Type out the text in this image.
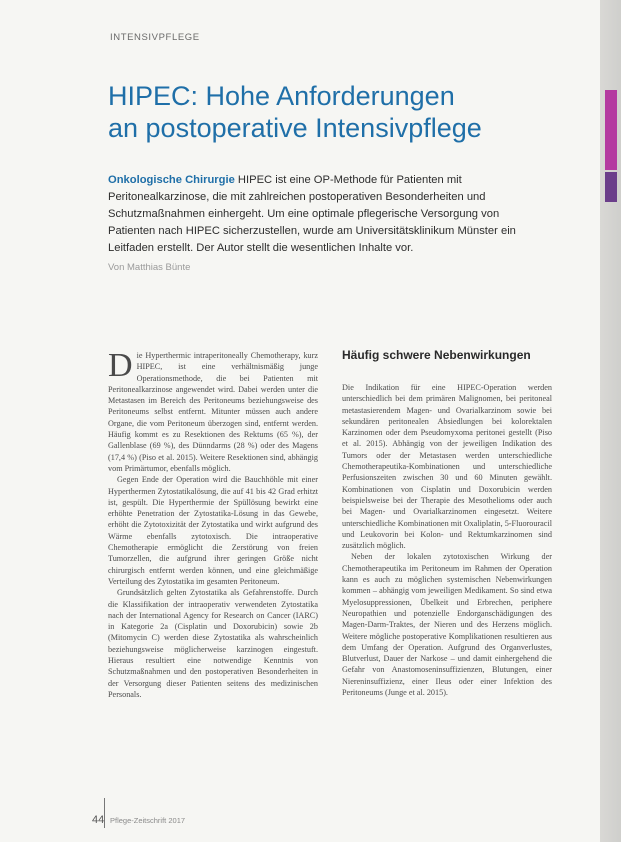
INTENSIVPFLEGE
HIPEC: Hohe Anforderungen
an postoperative Intensivpflege

Onkologische Chirurgie HIPEC ist eine OP-Methode für Patienten mit Peritonealkarzinose, die mit zahlreichen postoperativen Besonderheiten und Schutzmaßnahmen einhergeht. Um eine optimale pflegerische Versorgung von Patienten nach HIPEC sicherzustellen, wurde am Universitätsklinikum Münster ein Leitfaden erstellt. Der Autor stellt die wesentlichen Inhalte vor.

Von Matthias Bünte

Die Hyperthermic intraperitoneally Chemotherapy, kurz HIPEC, ist eine verhältnismäßig junge Operationsmethode, die bei Patienten mit Peritonealkarzinose angewendet wird. Dabei werden unter die Metastasen im Bereich des Peritoneums beziehungsweise des Peritoneums selbst entfernt. Mitunter müssen auch andere Organe, die vom Peritoneum überzogen sind, entfernt werden. Häufig kommt es zu Resektionen des Rektums (65 %), der Gallenblase (69 %), des Dünndarms (28 %) oder des Magens (17,4 %) (Piso et al. 2015). Weitere Resektionen sind, abhängig vom Primärtumor, ebenfalls möglich.

Gegen Ende der Operation wird die Bauchhöhle mit einer Hyperthermen Zytostatikalösung, die auf 41 bis 42 Grad erhitzt ist, gespült. Die Hyperthermie der Spüllösung bewirkt eine erhöhte Penetration der Zytostatika-Lösung in das Gewebe, erhöht die Zytotoxizität der Zytostatika und wirkt aufgrund des Wärme ebenfalls zytotoxisch. Die intraoperative Chemotherapie ermöglicht die Zerstörung von freien Tumorzellen, die aufgrund ihrer geringen Größe nicht chirurgisch entfernt werden können, und eine gleichmäßige Verteilung des Zytostatika im gesamten Peritoneum.

Grundsätzlich gelten Zytostatika als Gefahrenstoffe. Durch die Klassifikation der intraoperativ verwendeten Zytostatika nach der International Agency for Research on Cancer (IARC) in Kategorie 2a (Cisplatin und Doxorubicin) sowie 2b (Mitomycin C) werden diese Zytostatika als wahrscheinlich beziehungsweise möglicherweise karzinogen eingestuft. Hieraus resultiert eine notwendige Kenntnis von Schutzmaßnahmen und den postoperativen Besonderheiten in der Versorgung dieser Patienten seitens des medizinischen Personals.

Häufig schwere Nebenwirkungen

Die Indikation für eine HIPEC-Operation werden unterschiedlich bei dem primären Malignomen, bei peritoneal metastasierendem Magen- und Ovarialkarzinom sowie bei sekundären peritonealen Absiedlungen bei kolorektalen Karzinomen oder dem Pseudomyxoma peritonei gestellt (Piso et al. 2015). Abhängig von der jeweiligen Indikation des Tumors oder der Metastasen werden unterschiedliche Chemotherapeutika-Kombinationen und unterschiedliche Perfusionszeiten zwischen 30 und 60 Minuten gewählt. Kombinationen von Cisplatin und Doxorubicin werden beispielsweise bei der Therapie des Mesothelioms oder auch bei Magen- und Ovarialkarzinomen eingesetzt. Weitere unterschiedliche Kombinationen mit Oxaliplatin, 5-Fluorouracil und Leukovorin bei Kolon- und Rektumkarzinomen sind zusätzlich möglich.

Neben der lokalen zytotoxischen Wirkung der Chemotherapeutika im Peritoneum im Rahmen der Operation kann es auch zu möglichen systemischen Nebenwirkungen kommen – abhängig vom jeweiligen Medikament. So sind etwa Myelosuppressionen, Übelkeit und Erbrechen, periphere Neuropathien und potenzielle Endorganschädigungen des Magen-Darm-Traktes, der Nieren und des Herzens möglich. Weitere mögliche postoperative Komplikationen resultieren aus dem Umfang der Operation. Aufgrund des Organverlustes, Blutverlust, Dauer der Narkose – und damit einhergehend die Gefahr von Anastomoseninsuffizienzen, Blutungen, einer Niereninsuffizienz, einer Ileus oder einer Infektion des Peritoneums (Junge et al. 2015).

44 Pflege-Zeitschrift 2017
